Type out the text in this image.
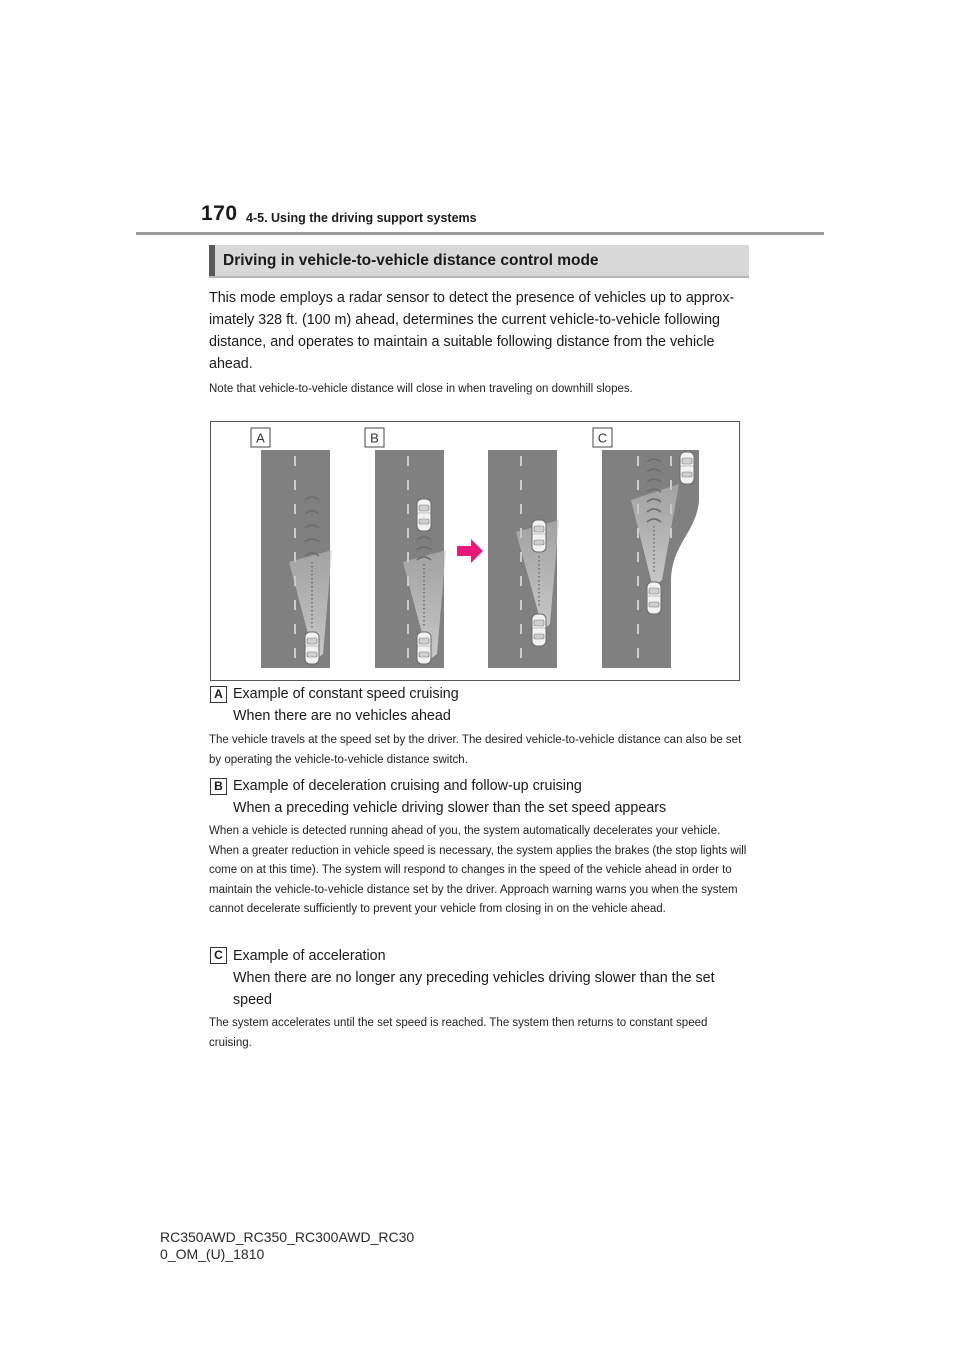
170 4-5. Using the driving support systems
Driving in vehicle-to-vehicle distance control mode
This mode employs a radar sensor to detect the presence of vehicles up to approx-imately 328 ft. (100 m) ahead, determines the current vehicle-to-vehicle following distance, and operates to maintain a suitable following distance from the vehicle ahead.
Note that vehicle-to-vehicle distance will close in when traveling on downhill slopes.
A	B	C
A Example of constant speed cruising
When there are no vehicles ahead
The vehicle travels at the speed set by the driver. The desired vehicle-to-vehicle distance can also be set by operating the vehicle-to-vehicle distance switch.
B Example of deceleration cruising and follow-up cruising
When a preceding vehicle driving slower than the set speed appears
When a vehicle is detected running ahead of you, the system automatically decelerates your vehicle. When a greater reduction in vehicle speed is necessary, the system applies the brakes (the stop lights will come on at this time). The system will respond to changes in the speed of the vehicle ahead in order to maintain the vehicle-to-vehicle distance set by the driver. Approach warning warns you when the system cannot decelerate sufficiently to prevent your vehicle from closing in on the vehicle ahead.
C Example of acceleration
When there are no longer any preceding vehicles driving slower than the set speed
The system accelerates until the set speed is reached. The system then returns to constant speed cruising.
RC350AWD_RC350_RC300AWD_RC30
0_OM_(U)_1810
